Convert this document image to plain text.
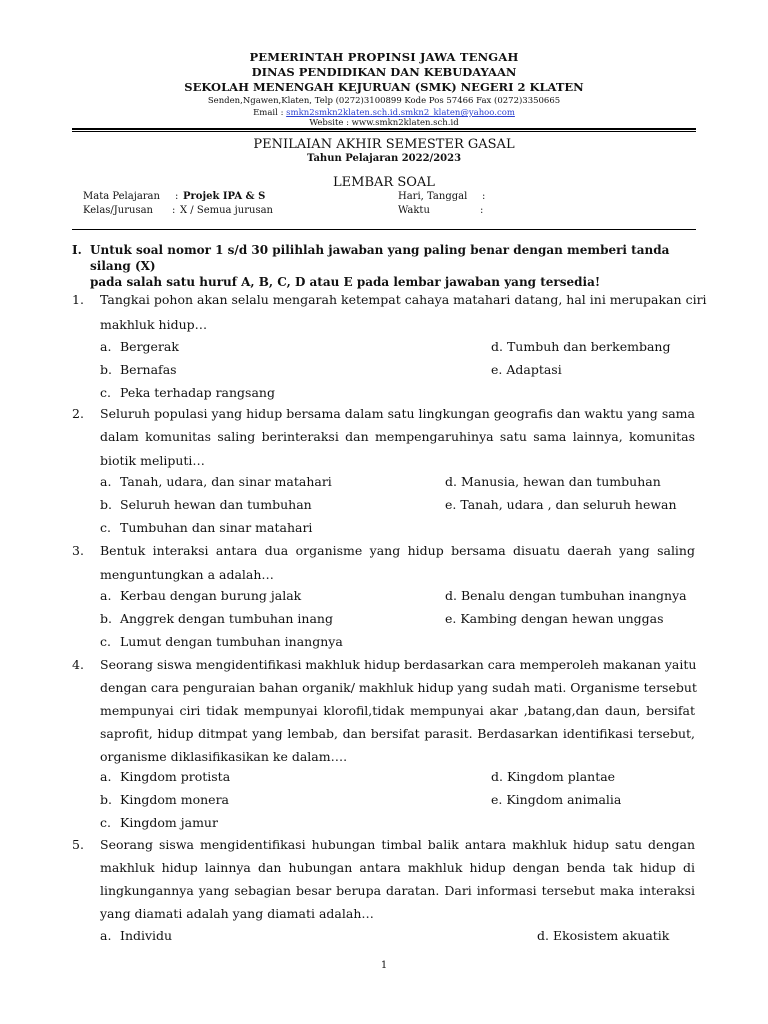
PEMERINTAH PROPINSI JAWA TENGAH
DINAS PENDIDIKAN DAN KEBUDAYAAN
SEKOLAH MENENGAH KEJURUAN (SMK) NEGERI 2 KLATEN
Senden,Ngawen,Klaten, Telp (0272)3100899 Kode Pos 57466 Fax (0272)3350665
Email : smkn2smkn2klaten.sch.id.smkn2_klaten@yahoo.com
Website : www.smkn2klaten.sch.id
PENILAIAN AKHIR SEMESTER GASAL
Tahun Pelajaran 2022/2023
LEMBAR SOAL
Mata Pelajaran : Projek IPA & S
Kelas/Jurusan : X / Semua jurusan
Hari, Tanggal :
Waktu	:
I. Untuk soal nomor 1 s/d 30 pilihlah jawaban yang paling benar dengan memberi tanda silang (X)
pada salah satu huruf A, B, C, D atau E pada lembar jawaban yang tersedia!
1. Tangkai pohon akan selalu mengarah ketempat cahaya matahari datang, hal ini merupakan ciri
makhluk hidup…
a. Bergerak
b. Bernafas
c. Peka terhadap rangsang
d. Tumbuh dan berkembang
e. Adaptasi
2. Seluruh populasi yang hidup bersama dalam satu lingkungan geografis dan waktu yang sama
dalam komunitas saling berinteraksi dan mempengaruhinya satu sama lainnya, komunitas
biotik meliputi…
a. Tanah, udara, dan sinar matahari
b. Seluruh hewan dan tumbuhan
c. Tumbuhan dan sinar matahari
d. Manusia, hewan dan tumbuhan
e. Tanah, udara , dan seluruh hewan
3. Bentuk interaksi antara dua organisme yang hidup bersama disuatu daerah yang saling
menguntungkan a adalah…
a. Kerbau dengan burung jalak
b. Anggrek dengan tumbuhan inang
c. Lumut dengan tumbuhan inangnya
d. Benalu dengan tumbuhan inangnya
e. Kambing dengan hewan unggas
4. Seorang siswa mengidentifikasi makhluk hidup berdasarkan cara memperoleh makanan yaitu
dengan cara penguraian bahan organik/ makhluk hidup yang sudah mati. Organisme tersebut
mempunyai ciri tidak mempunyai klorofil,tidak mempunyai akar ,batang,dan daun, bersifat
saprofit, hidup ditmpat yang lembab, dan bersifat parasit. Berdasarkan identifikasi tersebut,
organisme diklasifikasikan ke dalam….
a. Kingdom protista
b. Kingdom monera
c. Kingdom jamur
d. Kingdom plantae
e. Kingdom animalia
5. Seorang siswa mengidentifikasi hubungan timbal balik antara makhluk hidup satu dengan
makhluk hidup lainnya dan hubungan antara makhluk hidup dengan benda tak hidup di
lingkungannya yang sebagian besar berupa daratan. Dari informasi tersebut maka interaksi
yang diamati adalah yang diamati adalah…
a. Individu	d. Ekosistem akuatik
1
